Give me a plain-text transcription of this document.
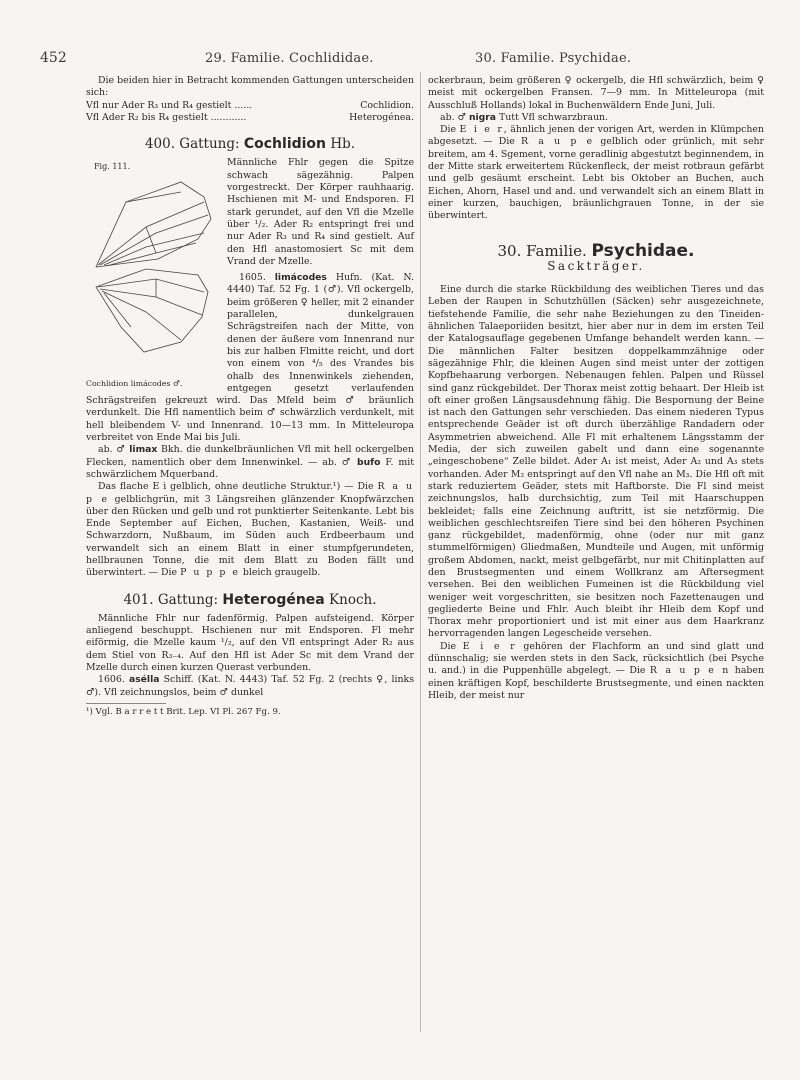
452	29. Familie. Cochlididae.	30. Familie. Psychidae.

Die beiden hier in Betracht kommenden Gattungen unterscheiden sich:

Vfl nur Ader R₃ und R₄ gestielt ......	Cochlidion.
Vfl Ader R₂ bis R₄ gestielt ............	Heterogénea.
400. Gattung: Cochlidion Hb.
Fig. 111.
Cochlidion limácodes ♂.

Männliche Fhlr gegen die Spitze schwach sägezähnig. Palpen vorgestreckt. Der Körper rauhhaarig. Hschienen mit M- und Endsporen. Fl stark gerundet, auf den Vfl die Mzelle über ¹/₂. Ader R₂ entspringt frei und nur Ader R₃ und R₄ sind gestielt. Auf den Hfl anastomosiert Sc mit dem Vrand der Mzelle.

1605. limácodes Hufn. (Kat. N. 4440) Taf. 52 Fg. 1 (♂). Vfl ockergelb, beim größeren ♀ heller, mit 2 einander parallelen, dunkelgrauen Schrägstreifen nach der Mitte, von denen der äußere vom Innenrand nur bis zur halben Flmitte reicht, und dort von einem von ⁴/₅ des Vrandes bis ohalb des Innenwinkels ziehenden, entgegen gesetzt verlaufenden Schrägstreifen gekreuzt wird. Das Mfeld beim ♂ bräunlich verdunkelt. Die Hfl namentlich beim ♂ schwärzlich verdunkelt, mit hell bleibendem V- und Innenrand. 10—13 mm. In Mitteleuropa verbreitet von Ende Mai bis Juli.

ab. ♂ limax Bkh. die dunkelbräunlichen Vfl mit hell ockergelben Flecken, namentlich ober dem Innenwinkel. — ab. ♂ bufo F. mit schwärzlichem Mquerband.

Das flache E i gelblich, ohne deutliche Struktur.¹) — Die R a u p e gelblichgrün, mit 3 Längsreihen glänzender Knopfwärzchen über den Rücken und gelb und rot punktierter Seitenkante. Lebt bis Ende September auf Eichen, Buchen, Kastanien, Weiß- und Schwarzdorn, Nußbaum, im Süden auch Erdbeerbaum und verwandelt sich an einem Blatt in einer stumpfgerundeten, hellbraunen Tonne, die mit dem Blatt zu Boden fällt und überwintert. — Die P u p p e bleich graugelb.

401. Gattung: Heterogénea Knoch.

Männliche Fhlr nur fadenförmig. Palpen aufsteigend. Körper anliegend beschuppt. Hschienen nur mit Endsporen. Fl mehr eiförmig, die Mzelle kaum ¹/₂, auf den Vfl entspringt Ader R₂ aus dem Stiel von R₃₋₄. Auf den Hfl ist Ader Sc mit dem Vrand der Mzelle durch einen kurzen Querast verbunden.

1606. asélla Schiff. (Kat. N. 4443) Taf. 52 Fg. 2 (rechts ♀, links ♂). Vfl zeichnungslos, beim ♂ dunkel

¹) Vgl. B a r r e t t Brit. Lep. VI Pl. 267 Fg. 9.

ockerbraun, beim größeren ♀ ockergelb, die Hfl schwärzlich, beim ♀ meist mit ockergelben Fransen. 7—9 mm. In Mitteleuropa (mit Ausschluß Hollands) lokal in Buchenwäldern Ende Juni, Juli.

ab. ♂ nigra Tutt Vfl schwarzbraun.

Die E i e r, ähnlich jenen der vorigen Art, werden in Klümpchen abgesetzt. — Die R a u p e gelblich oder grünlich, mit sehr breitem, am 4. Sgement, vorne geradlinig abgestutzt beginnendem, in der Mitte stark erweitertem Rückenfleck, der meist rotbraun gefärbt und gelb gesäumt erscheint. Lebt bis Oktober an Buchen, auch Eichen, Ahorn, Hasel und and. und verwandelt sich an einem Blatt in einer kurzen, bauchigen, bräunlichgrauen Tonne, in der sie überwintert.

30. Familie. Psychidae.
Sackträger.

Eine durch die starke Rückbildung des weiblichen Tieres und das Leben der Raupen in Schutzhüllen (Säcken) sehr ausgezeichnete, tiefstehende Familie, die sehr nahe Beziehungen zu den Tineiden-ähnlichen Talaeporiiden besitzt, hier aber nur in dem im ersten Teil der Katalogsauflage gegebenen Umfange behandelt werden kann. — Die männlichen Falter besitzen doppelkammzähnige oder sägezähnige Fhlr, die kleinen Augen sind meist unter der zottigen Kopfbehaarung verborgen. Nebenaugen fehlen. Palpen und Rüssel sind ganz rückgebildet. Der Thorax meist zottig behaart. Der Hleib ist oft einer großen Längsausdehnung fähig. Die Bespornung der Beine ist nach den Gattungen sehr verschieden. Das einem niederen Typus entsprechende Geäder ist oft durch überzählige Randadern oder Asymmetrien abweichend. Alle Fl mit erhaltenem Längsstamm der Media, der sich zuweilen gabelt und dann eine sogenannte „eingeschobene“ Zelle bildet. Ader A₁ ist meist, Ader A₂ und A₃ stets vorhanden. Ader M₂ entspringt auf den Vfl nahe an M₃. Die Hfl oft mit stark reduziertem Geäder, stets mit Haftborste. Die Fl sind meist zeichnungslos, halb durchsichtig, zum Teil mit Haarschuppen bekleidet; falls eine Zeichnung auftritt, ist sie netzförmig. Die weiblichen geschlechtsreifen Tiere sind bei den höheren Psychinen ganz rückgebildet, madenförmig, ohne (oder nur mit ganz stummelförmigen) Gliedmaßen, Mundteile und Augen, mit unförmig großem Abdomen, nackt, meist gelbgefärbt, nur mit Chitinplatten auf den Brustsegmenten und einem Wollkranz am Aftersegment versehen. Bei den weiblichen Fumeinen ist die Rückbildung viel weniger weit vorgeschritten, sie besitzen noch Fazettenaugen und gegliederte Beine und Fhlr. Auch bleibt ihr Hleib dem Kopf und Thorax mehr proportioniert und ist mit einer aus dem Haarkranz hervorragenden langen Legescheide versehen.

Die E i e r gehören der Flachform an und sind glatt und dünnschalig; sie werden stets in den Sack, rücksichtlich (bei Psyche u. and.) in die Puppenhülle abgelegt. — Die R a u p e n haben einen kräftigen Kopf, beschilderte Brustsegmente, und einen nackten Hleib, der meist nur
